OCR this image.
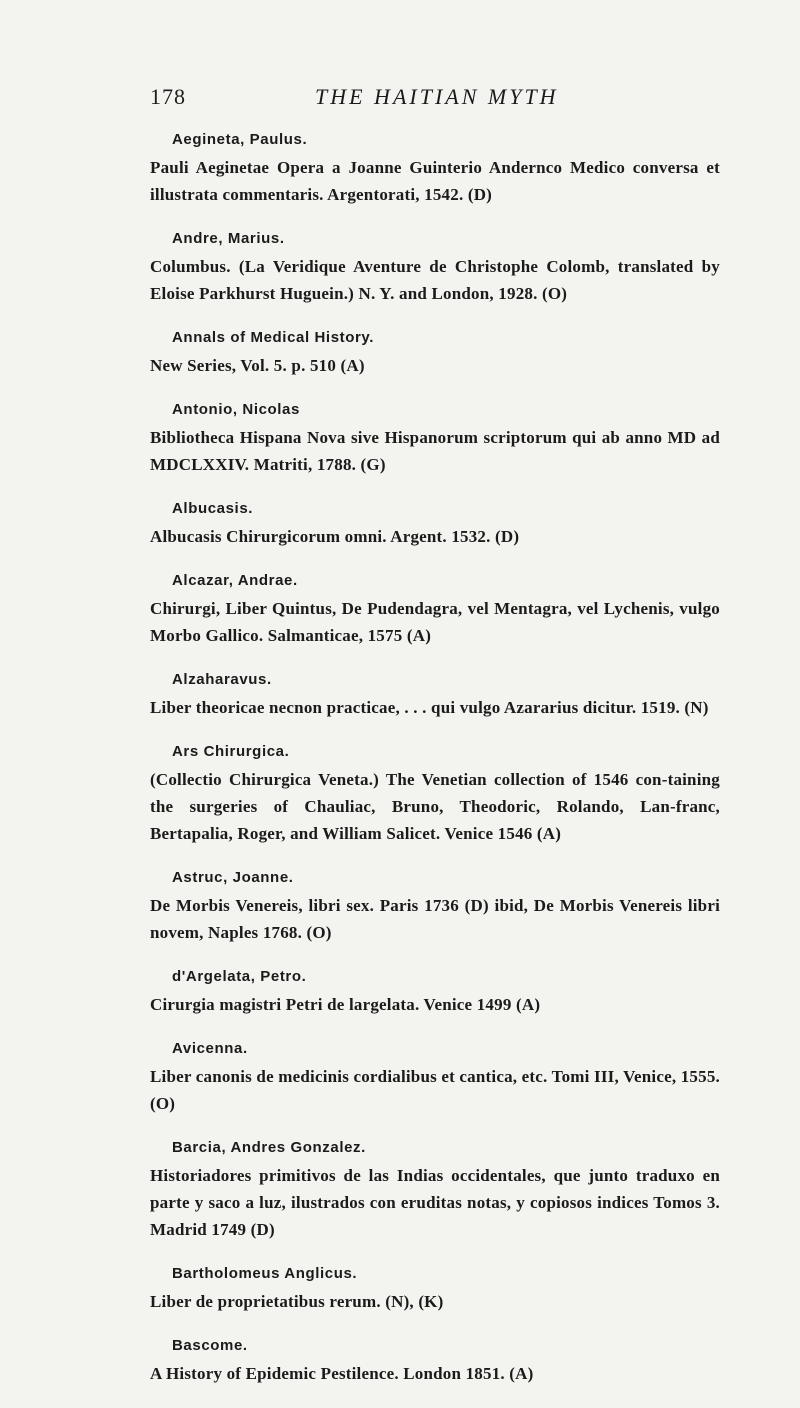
178	THE HAITIAN MYTH
Aegineta, Paulus.
Pauli Aeginetae Opera a Joanne Guinterio Andernco Medico conversa et illustrata commentaris. Argentorati, 1542. (D)
Andre, Marius.
Columbus. (La Veridique Aventure de Christophe Colomb, translated by Eloise Parkhurst Huguein.) N. Y. and London, 1928. (O)
Annals of Medical History.
New Series, Vol. 5. p. 510 (A)
Antonio, Nicolas
Bibliotheca Hispana Nova sive Hispanorum scriptorum qui ab anno MD ad MDCLXXIV. Matriti, 1788. (G)
Albucasis.
Albucasis Chirurgicorum omni. Argent. 1532. (D)
Alcazar, Andrae.
Chirurgi, Liber Quintus, De Pudendagra, vel Mentagra, vel Lychenis, vulgo Morbo Gallico. Salmanticae, 1575 (A)
Alzaharavus.
Liber theoricae necnon practicae, . . . qui vulgo Azararius dicitur. 1519. (N)
Ars Chirurgica.
(Collectio Chirurgica Veneta.) The Venetian collection of 1546 con-taining the surgeries of Chauliac, Bruno, Theodoric, Rolando, Lan-franc, Bertapalia, Roger, and William Salicet. Venice 1546 (A)
Astruc, Joanne.
De Morbis Venereis, libri sex. Paris 1736 (D) ibid, De Morbis Venereis libri novem, Naples 1768. (O)
d'Argelata, Petro.
Cirurgia magistri Petri de largelata. Venice 1499 (A)
Avicenna.
Liber canonis de medicinis cordialibus et cantica, etc. Tomi III, Venice, 1555. (O)
Barcia, Andres Gonzalez.
Historiadores primitivos de las Indias occidentales, que junto traduxo en parte y saco a luz, ilustrados con eruditas notas, y copiosos indices Tomos 3. Madrid 1749 (D)
Bartholomeus Anglicus.
Liber de proprietatibus rerum. (N), (K)
Bascome.
A History of Epidemic Pestilence. London 1851. (A)
